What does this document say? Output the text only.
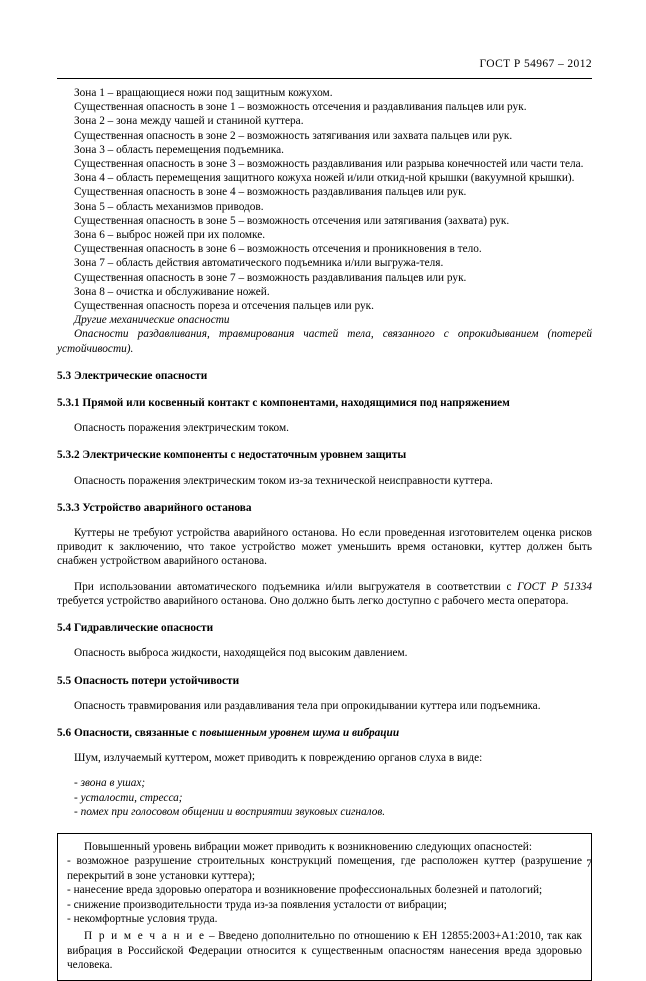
ГОСТ Р 54967 – 2012

Зона 1 – вращающиеся ножи под защитным кожухом.

Существенная опасность в зоне 1 – возможность отсечения и раздавливания пальцев или рук.

Зона 2 – зона между чашей и станиной куттера.

Существенная опасность в зоне 2 – возможность затягивания или захвата пальцев или рук.

Зона 3 – область перемещения подъемника.

Существенная опасность в зоне 3 – возможность раздавливания или разрыва конечностей или части тела.

Зона 4 – область перемещения защитного кожуха ножей и/или откид-ной крышки (вакуумной крышки).

Существенная опасность в зоне 4 – возможность раздавливания пальцев или рук.

Зона 5 – область механизмов приводов.

Существенная опасность в зоне 5 – возможность отсечения или затягивания (захвата) рук.

Зона 6 – выброс ножей при их поломке.

Существенная опасность в зоне 6 – возможность отсечения и проникновения в тело.

Зона 7 – область действия автоматического подъемника и/или выгружа-теля.

Существенная опасность в зоне 7 – возможность раздавливания пальцев или рук.

Зона 8 – очистка и обслуживание ножей.

Существенная опасность пореза и отсечения пальцев или рук.

Другие механические опасности

Опасности раздавливания, травмирования частей тела, связанного с опрокидыванием (потерей устойчивости).

5.3 Электрические опасности

5.3.1 Прямой или косвенный контакт с компонентами, находящимися под напряжением

Опасность поражения электрическим током.

5.3.2 Электрические компоненты с недостаточным уровнем защиты

Опасность поражения электрическим током из-за технической неисправности куттера.

5.3.3 Устройство аварийного останова

Куттеры не требуют устройства аварийного останова. Но если проведенная изготовителем оценка рисков приводит к заключению, что такое устройство может уменьшить время остановки, куттер должен быть снабжен устройством аварийного останова.

При использовании автоматического подъемника и/или выгружателя в соответствии с ГОСТ Р 51334 требуется устройство аварийного останова. Оно должно быть легко доступно с рабочего места оператора.

5.4 Гидравлические опасности

Опасность выброса жидкости, находящейся под высоким давлением.

5.5 Опасность потери устойчивости

Опасность травмирования или раздавливания тела при опрокидывании куттера или подъемника.

5.6 Опасности, связанные с повышенным уровнем шума и вибрации

Шум, излучаемый куттером, может приводить к повреждению органов слуха в виде:

- звона в ушах;

- усталости, стресса;

- помех при голосовом общении и восприятии звуковых сигналов.

Повышенный уровень вибрации может приводить к возникновению следующих опасностей:

- возможное разрушение строительных конструкций помещения, где расположен куттер (разрушение перекрытий в зоне установки куттера);

- нанесение вреда здоровью оператора и возникновение профессиональных болезней и патологий;

- снижение производительности труда из-за появления усталости от вибрации;

- некомфортные условия труда.

П р и м е ч а н и е – Введено дополнительно по отношению к ЕН 12855:2003+А1:2010, так как вибрация в Российской Федерации относится к существенным опасностям нанесения вреда здоровью человека.

7
